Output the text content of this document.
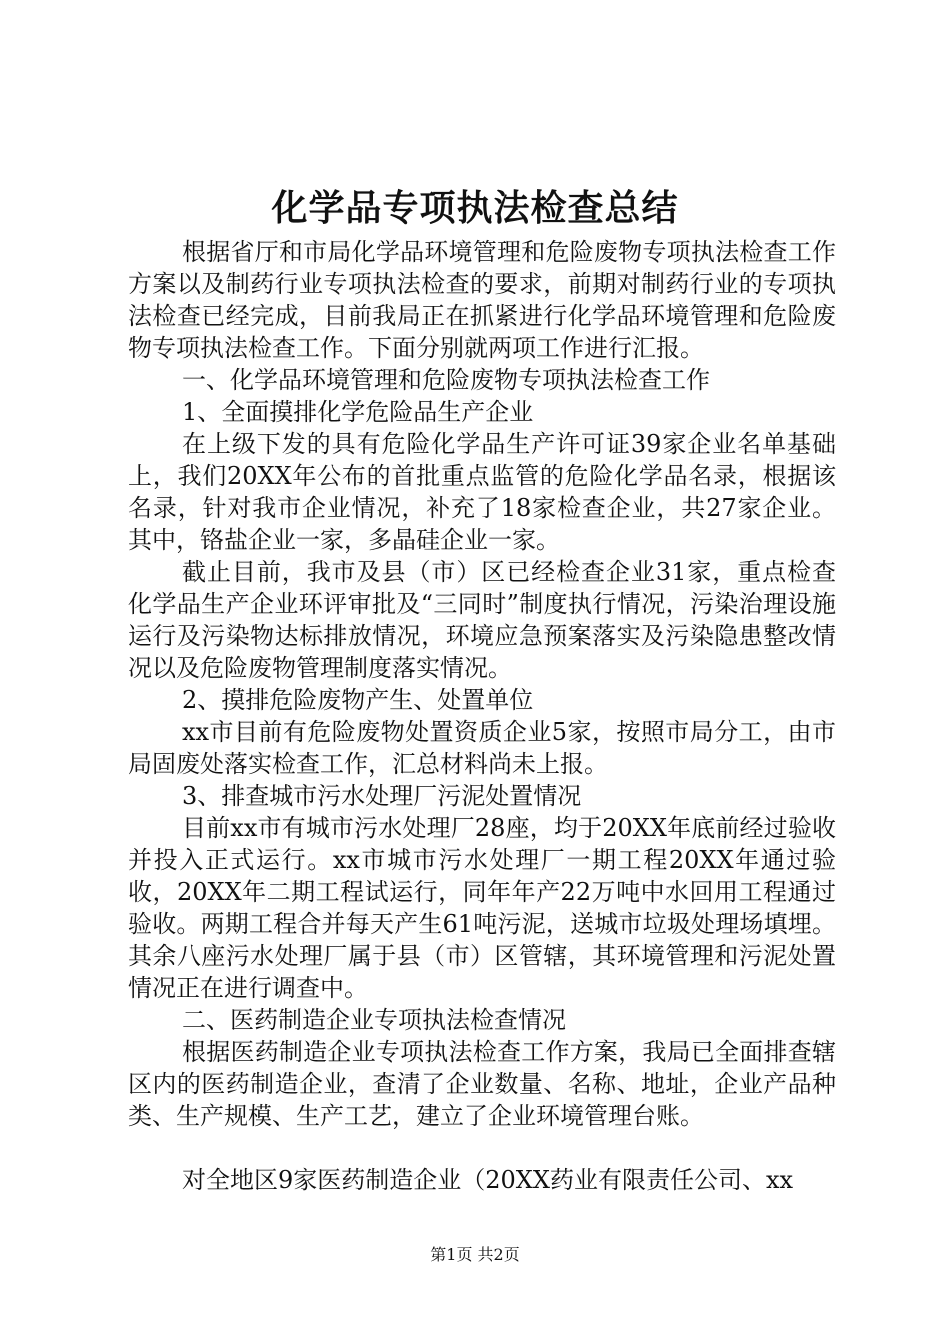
化学品专项执法检查总结

根据省厅和市局化学品环境管理和危险废物专项执法检查工作方案以及制药行业专项执法检查的要求，前期对制药行业的专项执法检查已经完成，目前我局正在抓紧进行化学品环境管理和危险废物专项执法检查工作。下面分别就两项工作进行汇报。

一、化学品环境管理和危险废物专项执法检查工作

1、全面摸排化学危险品生产企业

在上级下发的具有危险化学品生产许可证39家企业名单基础上，我们20XX年公布的首批重点监管的危险化学品名录，根据该名录，针对我市企业情况，补充了18家检查企业，共27家企业。其中，铬盐企业一家，多晶硅企业一家。

截止目前，我市及县（市）区已经检查企业31家，重点检查化学品生产企业环评审批及“三同时”制度执行情况，污染治理设施运行及污染物达标排放情况，环境应急预案落实及污染隐患整改情况以及危险废物管理制度落实情况。

2、摸排危险废物产生、处置单位

xx市目前有危险废物处置资质企业5家，按照市局分工，由市局固废处落实检查工作，汇总材料尚未上报。

3、排查城市污水处理厂污泥处置情况

目前xx市有城市污水处理厂28座，均于20XX年底前经过验收并投入正式运行。xx市城市污水处理厂一期工程20XX年通过验收，20XX年二期工程试运行，同年年产22万吨中水回用工程通过验收。两期工程合并每天产生61吨污泥，送城市垃圾处理场填埋。其余八座污水处理厂属于县（市）区管辖，其环境管理和污泥处置情况正在进行调查中。

二、医药制造企业专项执法检查情况

根据医药制造企业专项执法检查工作方案，我局已全面排查辖区内的医药制造企业，查清了企业数量、名称、地址，企业产品种类、生产规模、生产工艺，建立了企业环境管理台账。

对全地区9家医药制造企业（20XX药业有限责任公司、xx

第1页 共2页
